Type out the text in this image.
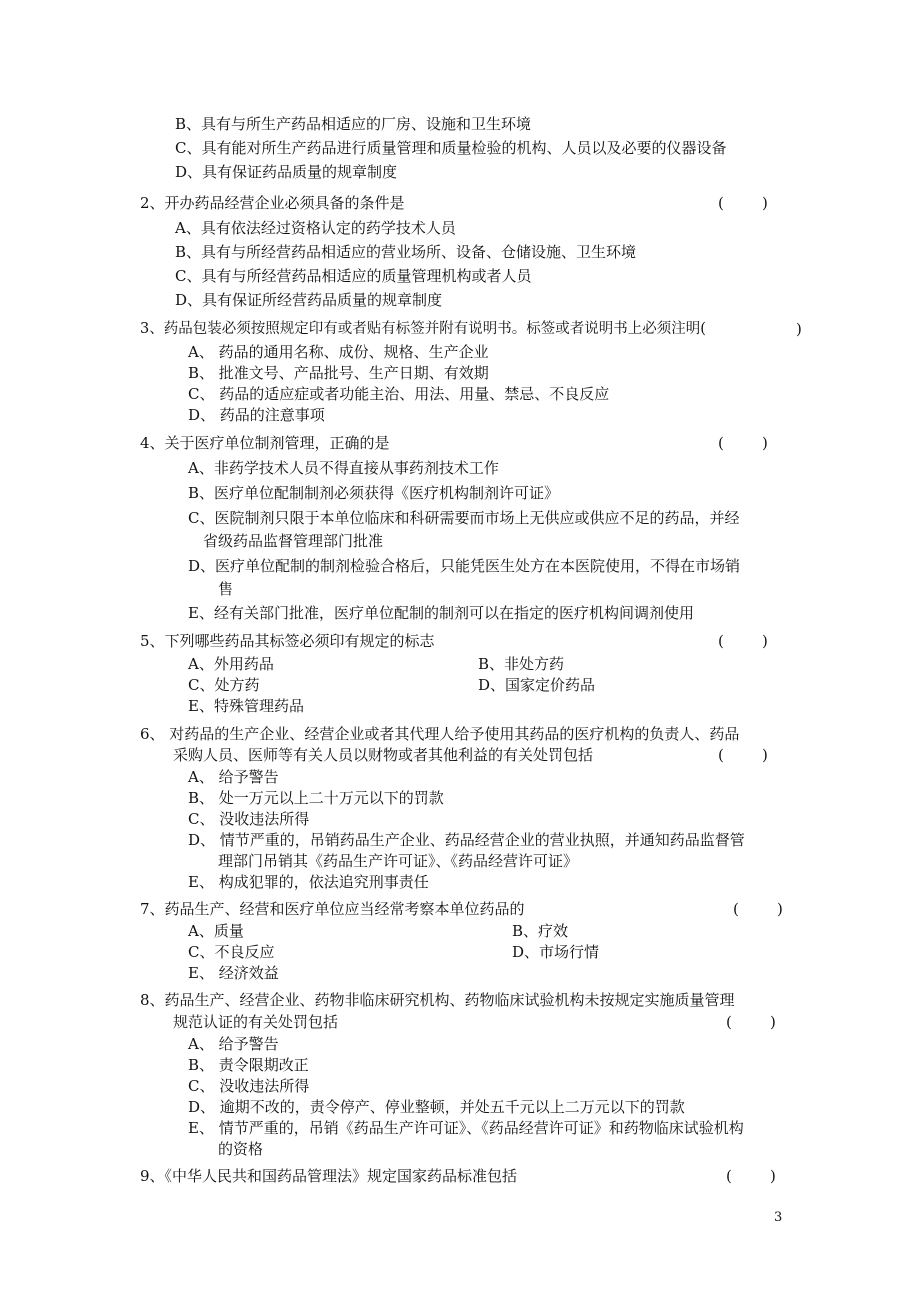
B、具有与所生产药品相适应的厂房、设施和卫生环境
C、具有能对所生产药品进行质量管理和质量检验的机构、人员以及必要的仪器设备
D、具有保证药品质量的规章制度
2、开办药品经营企业必须具备的条件是	(        )
A、具有依法经过资格认定的药学技术人员
B、具有与所经营药品相适应的营业场所、设备、仓储设施、卫生环境
C、具有与所经营药品相适应的质量管理机构或者人员
D、具有保证所经营药品质量的规章制度
3、药品包装必须按照规定印有或者贴有标签并附有说明书。标签或者说明书上必须注明(	)
A、 药品的通用名称、成份、规格、生产企业
B、 批准文号、产品批号、生产日期、有效期
C、 药品的适应症或者功能主治、用法、用量、禁忌、不良反应
D、 药品的注意事项
4、关于医疗单位制剂管理，正确的是	(        )
A、非药学技术人员不得直接从事药剂技术工作
B、医疗单位配制制剂必须获得《医疗机构制剂许可证》
C、医院制剂只限于本单位临床和科研需要而市场上无供应或供应不足的药品，并经
省级药品监督管理部门批准
D、医疗单位配制的制剂检验合格后，只能凭医生处方在本医院使用，不得在市场销
售
E、经有关部门批准，医疗单位配制的制剂可以在指定的医疗机构间调剂使用
5、下列哪些药品其标签必须印有规定的标志	(        )
A、外用药品	B、非处方药
C、处方药	D、国家定价药品
E、特殊管理药品
6、 对药品的生产企业、经营企业或者其代理人给予使用其药品的医疗机构的负责人、药品
采购人员、医师等有关人员以财物或者其他利益的有关处罚包括	(        )
A、 给予警告
B、 处一万元以上二十万元以下的罚款
C、 没收违法所得
D、 情节严重的，吊销药品生产企业、药品经营企业的营业执照，并通知药品监督管
理部门吊销其《药品生产许可证》、《药品经营许可证》
E、 构成犯罪的，依法追究刑事责任
7、药品生产、经营和医疗单位应当经常考察本单位药品的	(        )
A、质量	B、疗效
C、不良反应	D、市场行情
E、 经济效益
8、药品生产、经营企业、药物非临床研究机构、药物临床试验机构未按规定实施质量管理
规范认证的有关处罚包括	(        )
A、 给予警告
B、 责令限期改正
C、 没收违法所得
D、 逾期不改的，责令停产、停业整顿，并处五千元以上二万元以下的罚款
E、 情节严重的，吊销《药品生产许可证》、《药品经营许可证》和药物临床试验机构
的资格
9、《中华人民共和国药品管理法》规定国家药品标准包括	(        )
3
